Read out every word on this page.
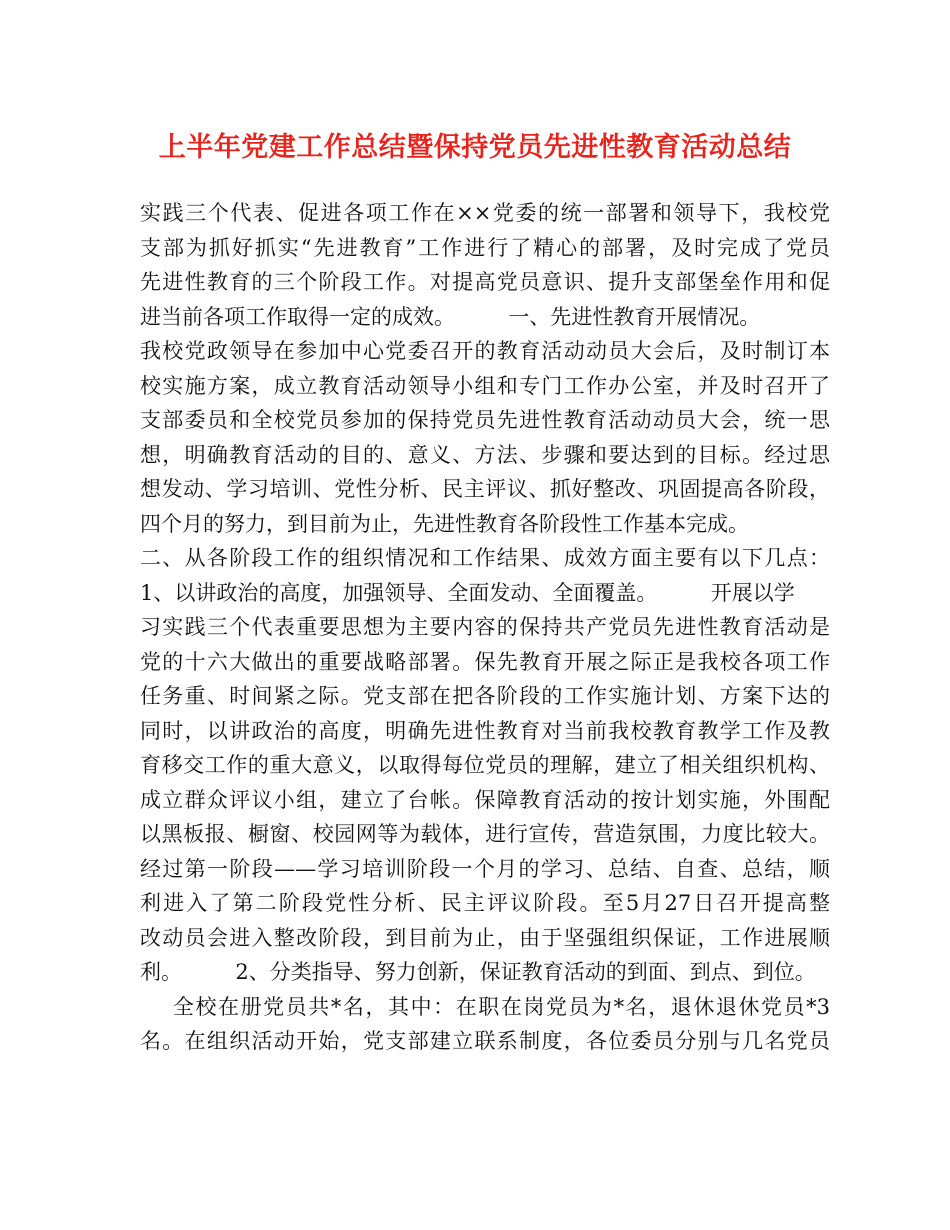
上半年党建工作总结暨保持党员先进性教育活动总结
实践三个代表、促进各项工作在××党委的统一部署和领导下，我校党
支部为抓好抓实“先进教育”工作进行了精心的部署，及时完成了党员
先进性教育的三个阶段工作。对提高党员意识、提升支部堡垒作用和促
进当前各项工作取得一定的成效。        一、先进性教育开展情况。
我校党政领导在参加中心党委召开的教育活动动员大会后，及时制订本
校实施方案，成立教育活动领导小组和专门工作办公室，并及时召开了
支部委员和全校党员参加的保持党员先进性教育活动动员大会，统一思
想，明确教育活动的目的、意义、方法、步骤和要达到的目标。经过思
想发动、学习培训、党性分析、民主评议、抓好整改、巩固提高各阶段，
四个月的努力，到目前为止，先进性教育各阶段性工作基本完成。
二、从各阶段工作的组织情况和工作结果、成效方面主要有以下几点：
1、以讲政治的高度，加强领导、全面发动、全面覆盖。        开展以学
习实践三个代表重要思想为主要内容的保持共产党员先进性教育活动是
党的十六大做出的重要战略部署。保先教育开展之际正是我校各项工作
任务重、时间紧之际。党支部在把各阶段的工作实施计划、方案下达的
同时，以讲政治的高度，明确先进性教育对当前我校教育教学工作及教
育移交工作的重大意义，以取得每位党员的理解，建立了相关组织机构、
成立群众评议小组，建立了台帐。保障教育活动的按计划实施，外围配
以黑板报、橱窗、校园网等为载体，进行宣传，营造氛围，力度比较大。
经过第一阶段——学习培训阶段一个月的学习、总结、自查、总结，顺
利进入了第二阶段党性分析、民主评议阶段。至5月27日召开提高整
改动员会进入整改阶段，到目前为止，由于坚强组织保证，工作进展顺
利。        2、分类指导、努力创新，保证教育活动的到面、到点、到位。
全校在册党员共*名，其中：在职在岗党员为*名，退休退休党员*3
名。在组织活动开始，党支部建立联系制度，各位委员分别与几名党员
